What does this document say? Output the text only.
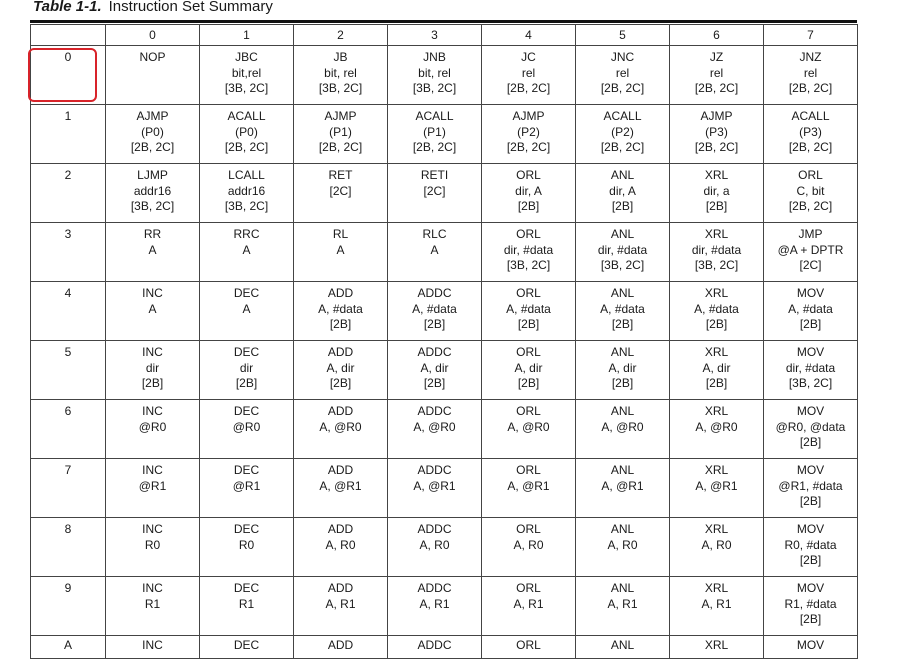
Table 1-1. Instruction Set Summary
	0	1	2	3	4	5	6	7
0	NOP	JBC
bit,rel
[3B, 2C]	JB
bit, rel
[3B, 2C]	JNB
bit, rel
[3B, 2C]	JC
rel
[2B, 2C]	JNC
rel
[2B, 2C]	JZ
rel
[2B, 2C]	JNZ
rel
[2B, 2C]

1	AJMP
(P0)
[2B, 2C]	ACALL
(P0)
[2B, 2C]	AJMP
(P1)
[2B, 2C]	ACALL
(P1)
[2B, 2C]	AJMP
(P2)
[2B, 2C]	ACALL
(P2)
[2B, 2C]	AJMP
(P3)
[2B, 2C]	ACALL
(P3)
[2B, 2C]

2	LJMP
addr16
[3B, 2C]	LCALL
addr16
[3B, 2C]	RET
[2C]	RETI
[2C]	ORL
dir, A
[2B]	ANL
dir, A
[2B]	XRL
dir, a
[2B]	ORL
C, bit
[2B, 2C]

3	RR
A	RRC
A	RL
A	RLC
A	ORL
dir, #data
[3B, 2C]	ANL
dir, #data
[3B, 2C]	XRL
dir, #data
[3B, 2C]	JMP
@A + DPTR
[2C]

4	INC
A	DEC
A	ADD
A, #data
[2B]	ADDC
A, #data
[2B]	ORL
A, #data
[2B]	ANL
A, #data
[2B]	XRL
A, #data
[2B]	MOV
A, #data
[2B]

5	INC
dir
[2B]	DEC
dir
[2B]	ADD
A, dir
[2B]	ADDC
A, dir
[2B]	ORL
A, dir
[2B]	ANL
A, dir
[2B]	XRL
A, dir
[2B]	MOV
dir, #data
[3B, 2C]

6	INC
@R0	DEC
@R0	ADD
A, @R0	ADDC
A, @R0	ORL
A, @R0	ANL
A, @R0	XRL
A, @R0	MOV
@R0, @data
[2B]

7	INC
@R1	DEC
@R1	ADD
A, @R1	ADDC
A, @R1	ORL
A, @R1	ANL
A, @R1	XRL
A, @R1	MOV
@R1, #data
[2B]

8	INC
R0	DEC
R0	ADD
A, R0	ADDC
A, R0	ORL
A, R0	ANL
A, R0	XRL
A, R0	MOV
R0, #data
[2B]

9	INC
R1	DEC
R1	ADD
A, R1	ADDC
A, R1	ORL
A, R1	ANL
A, R1	XRL
A, R1	MOV
R1, #data
[2B]

A	INC	DEC	ADD	ADDC	ORL	ANL	XRL	MOV
